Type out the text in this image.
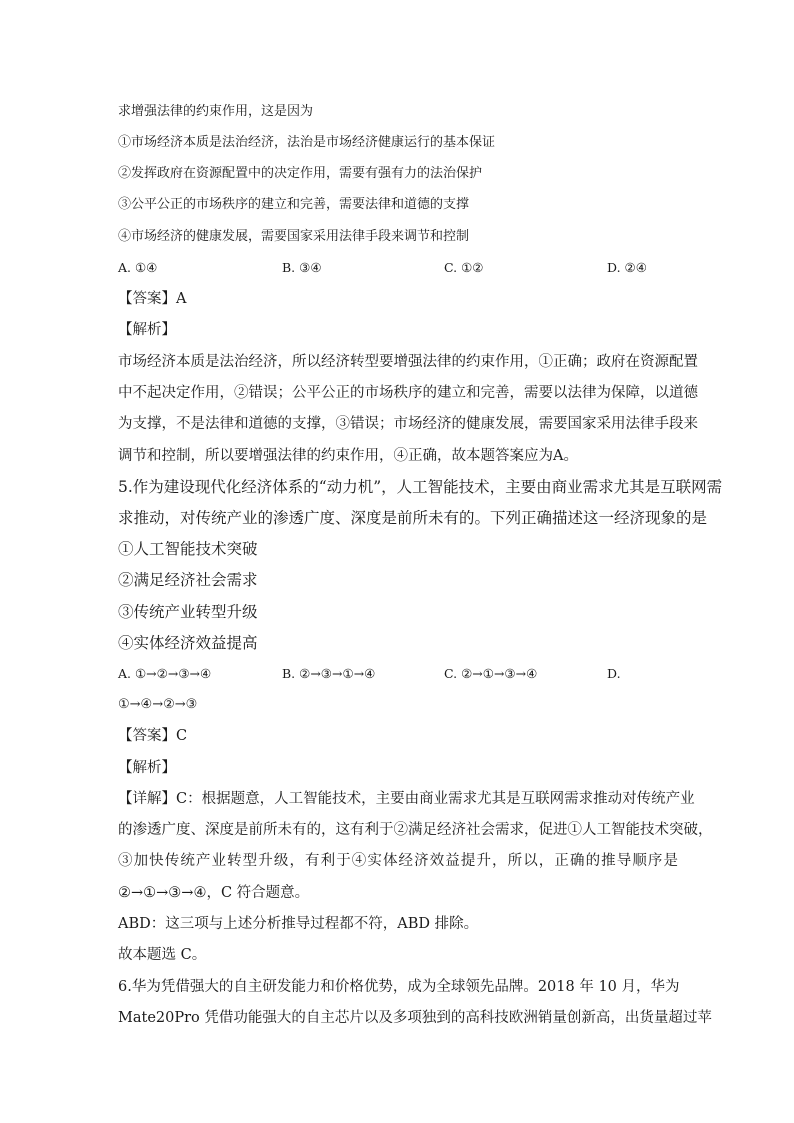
求增强法律的约束作用，这是因为
①市场经济本质是法治经济，法治是市场经济健康运行的基本保证
②发挥政府在资源配置中的决定作用，需要有强有力的法治保护
③公平公正的市场秩序的建立和完善，需要法律和道德的支撑
④市场经济的健康发展，需要国家采用法律手段来调节和控制
A. ①④	B. ③④	C. ①②	D. ②④
【答案】A
【解析】
市场经济本质是法治经济，所以经济转型要增强法律的约束作用，①正确；政府在资源配置
中不起决定作用，②错误；公平公正的市场秩序的建立和完善，需要以法律为保障，以道德
为支撑，不是法律和道德的支撑，③错误；市场经济的健康发展，需要国家采用法律手段来
调节和控制，所以要增强法律的约束作用，④正确，故本题答案应为A。
5.作为建设现代化经济体系的“动力机”，人工智能技术，主要由商业需求尤其是互联网需
求推动，对传统产业的渗透广度、深度是前所未有的。下列正确描述这一经济现象的是
①人工智能技术突破
②满足经济社会需求
③传统产业转型升级
④实体经济效益提高
A. ①→②→③→④	B. ②→③→①→④	C. ②→①→③→④	D.
①→④→②→③
【答案】C
【解析】
【详解】C：根据题意，人工智能技术，主要由商业需求尤其是互联网需求推动对传统产业
的渗透广度、深度是前所未有的，这有利于②满足经济社会需求，促进①人工智能技术突破，
③加快传统产业转型升级，有利于④实体经济效益提升，所以，正确的推导顺序是
②→①→③→④，C 符合题意。
ABD：这三项与上述分析推导过程都不符，ABD 排除。
故本题选 C。
6.华为凭借强大的自主研发能力和价格优势，成为全球领先品牌。2018 年 10 月，华为
Mate20Pro 凭借功能强大的自主芯片以及多项独到的高科技欧洲销量创新高，出货量超过苹
